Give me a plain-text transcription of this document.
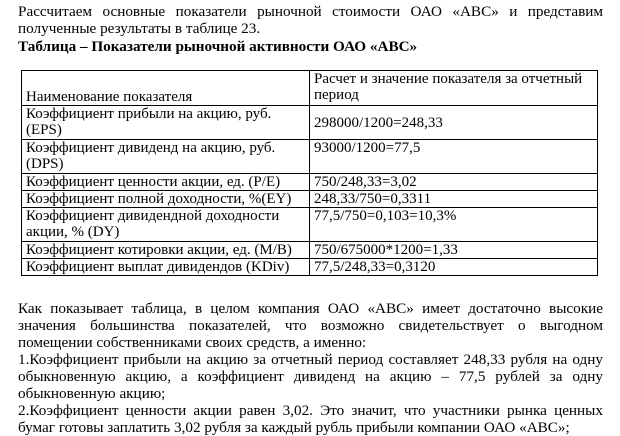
Рассчитаем основные показатели рыночной стоимости ОАО «АВС» и представим полученные результаты в таблице 23.
Таблица – Показатели рыночной активности ОАО «АВС»
Наименование показателя	Расчет и значение показателя за отчетный период
Коэффициент прибыли на акцию, руб. (EPS)	298000/1200=248,33
Коэффициент дивиденд на акцию, руб. (DPS)	93000/1200=77,5
Коэффициент ценности акции, ед. (P/E)	750/248,33=3,02
Коэффициент полной доходности, %(EY)	248,33/750=0,3311
Коэффициент дивидендной доходности акции, % (DY)	77,5/750=0,103=10,3%
Коэффициент котировки акции, ед. (M/B)	750/675000*1200=1,33
Коэффициент выплат дивидендов (KDiv)	77,5/248,33=0,3120
Как показывает таблица, в целом компания ОАО «АВС» имеет достаточно высокие значения большинства показателей, что возможно свидетельствует о выгодном помещении собственниками своих средств, а именно:
1.Коэффициент прибыли на акцию за отчетный период составляет 248,33 рубля на одну обыкновенную акцию, а коэффициент дивиденд на акцию – 77,5 рублей за одну обыкновенную акцию;
2.Коэффициент ценности акции равен 3,02. Это значит, что участники рынка ценных бумаг готовы заплатить 3,02 рубля за каждый рубль прибыли компании ОАО «АВС»;
